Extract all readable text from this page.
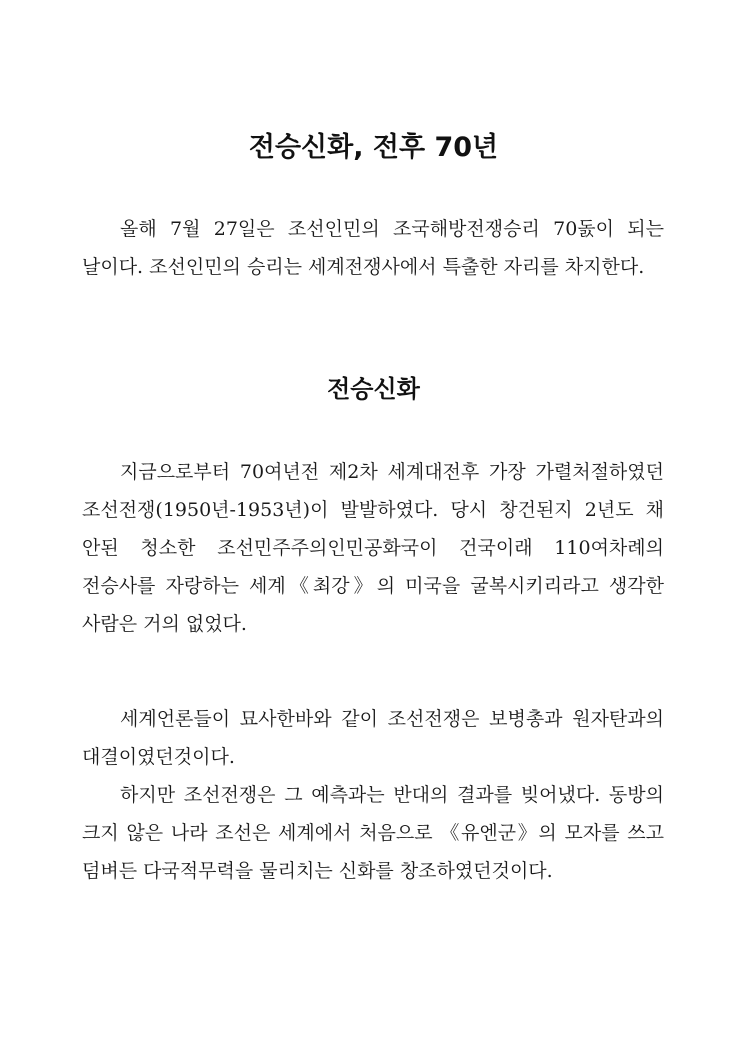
전승신화, 전후 70년

올해 7월 27일은 조선인민의 조국해방전쟁승리 70돐이 되는 날이다. 조선인민의 승리는 세계전쟁사에서 특출한 자리를 차지한다.

전승신화

지금으로부터 70여년전 제2차 세계대전후 가장 가렬처절하였던 조선전쟁(1950년-1953년)이 발발하였다. 당시 창건된지 2년도 채 안된 청소한 조선민주주의인민공화국이 건국이래 110여차례의 전승사를 자랑하는 세계《최강》의 미국을 굴복시키리라고 생각한 사람은 거의 없었다.

세계언론들이 묘사한바와 같이 조선전쟁은 보병총과 원자탄과의 대결이였던것이다.

하지만 조선전쟁은 그 예측과는 반대의 결과를 빚어냈다. 동방의 크지 않은 나라 조선은 세계에서 처음으로 《유엔군》의 모자를 쓰고 덤벼든 다국적무력을 물리치는 신화를 창조하였던것이다.
